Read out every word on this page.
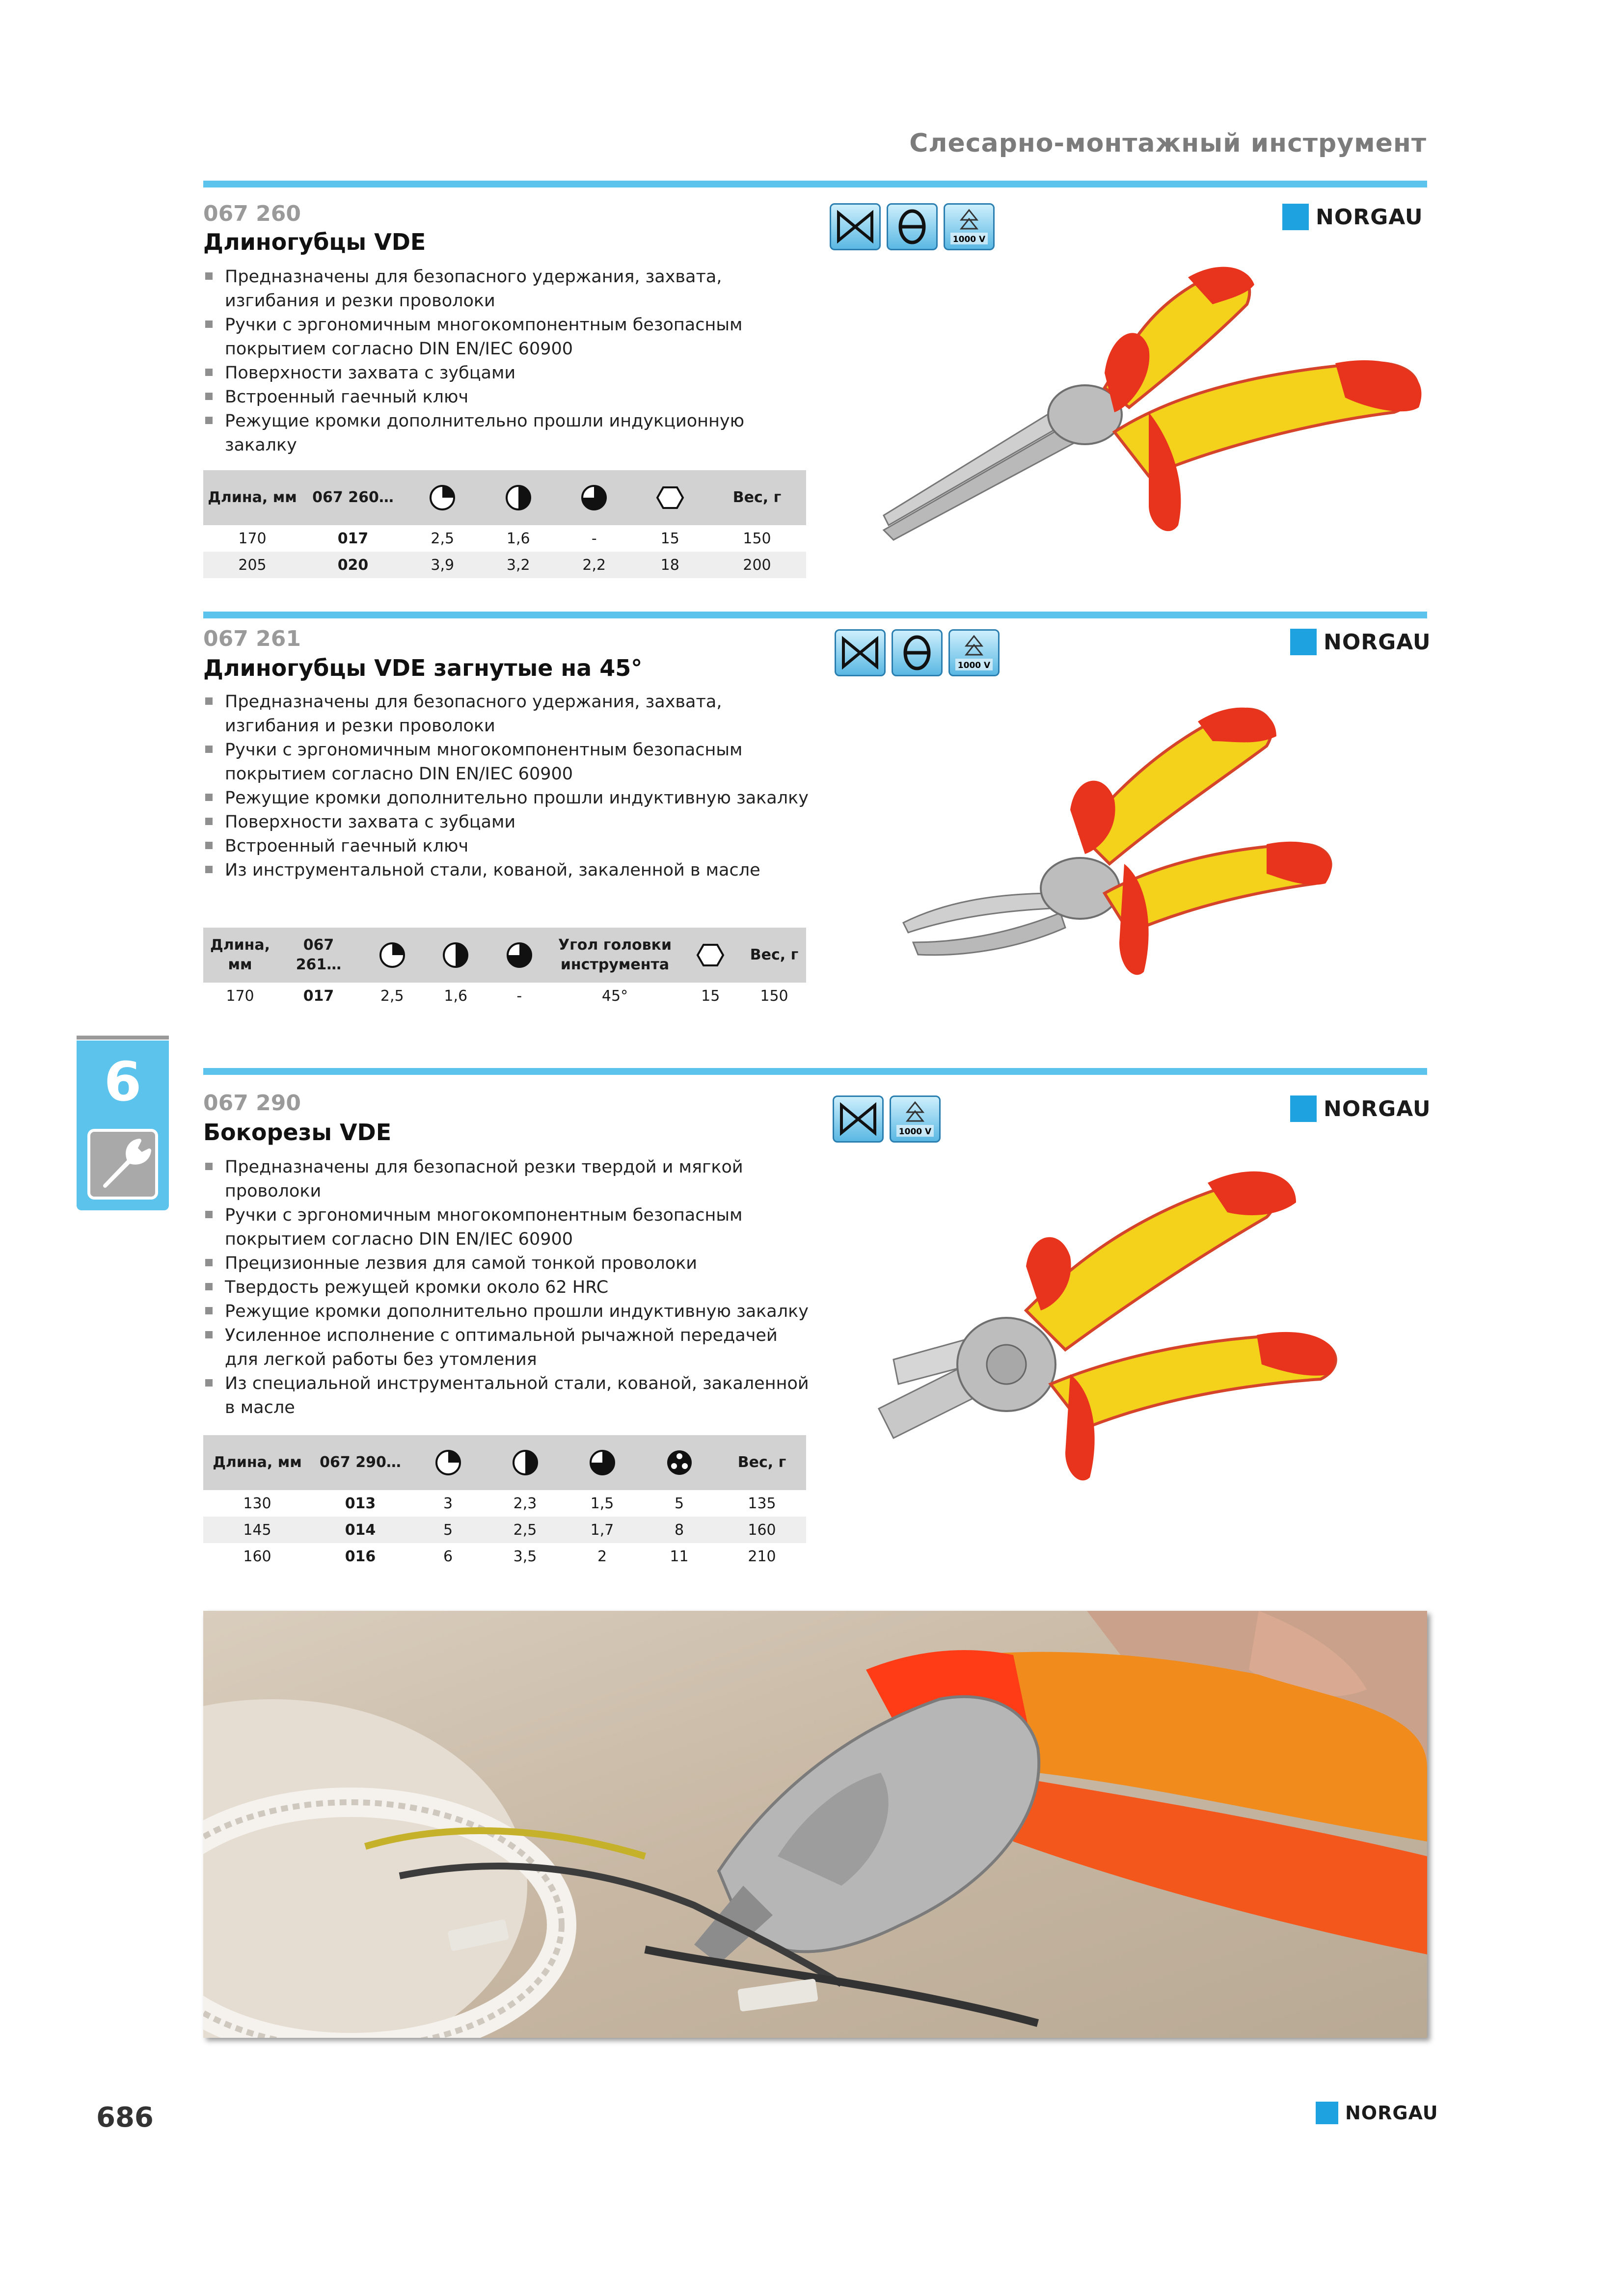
Слесарно-монтажный инструмент
067 260
Длиногубцы VDE	1000 V
NORGAU
Предназначены для безопасного удержания, захвата, изгибания и резки проволоки
Ручки с эргономичным многокомпонентным безопасным покрытием согласно DIN EN/IEC 60900
Поверхности захвата с зубцами
Встроенный гаечный ключ
Режущие кромки дополнительно прошли индукционную закалку
Длина, мм	067 260…					Вес, г
170	017	2,5	1,6	-	15	150
205	020	3,9	3,2	2,2	18	200
067 261
Длиногубцы VDE загнутые на 45°	1000 V
NORGAU
Предназначены для безопасного удержания, захвата, изгибания и резки проволоки
Ручки с эргономичным многокомпонентным безопасным покрытием согласно DIN EN/IEC 60900
Режущие кромки дополнительно прошли индуктивную закалку
Поверхности захвата с зубцами
Встроенный гаечный ключ
Из инструментальной стали, кованой, закаленной в масле
Длина, мм	067 261…				Угол головки инструмента		Вес, г
170	017	2,5	1,6	-	45°	15	150
6	067 290
Бокорезы VDE	1000 V
NORGAU
Предназначены для безопасной резки твердой и мягкой проволоки
Ручки с эргономичным многокомпонентным безопасным покрытием согласно DIN EN/IEC 60900
Прецизионные лезвия для самой тонкой проволоки
Твердость режущей кромки около 62 HRC
Режущие кромки дополнительно прошли индуктивную закалку
Усиленное исполнение с оптимальной рычажной передачей для легкой работы без утомления
Из специальной инструментальной стали, кованой, закаленной в масле
Длина, мм	067 290…					Вес, г
130	013	3	2,3	1,5	5	135
145	014	5	2,5	1,7	8	160
160	016	6	3,5	2	11	210
686	NORGAU
